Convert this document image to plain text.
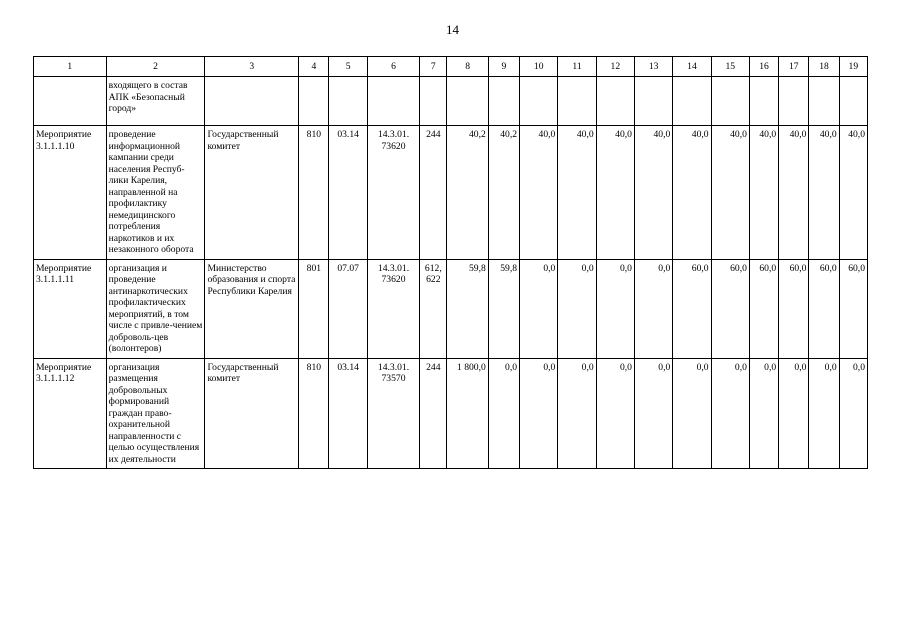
14
1	2	3	4	5	6	7	8	9	10	11	12	13	14	15	16	17	18	19
	входящего в состав АПК «Безопасный город»																	
Мероприятие 3.1.1.1.10	проведение информационной кампании среди населения Респуб-лики Карелия, направленной на профилактику немедицинского потребления наркотиков и их незаконного оборота	Государственный комитет	810	03.14	14.3.01. 73620	244	40,2	40,2	40,0	40,0	40,0	40,0	40,0	40,0	40,0	40,0	40,0	40,0
Мероприятие 3.1.1.1.11	организация и проведение антинаркотических профилактических мероприятий, в том числе с привле-чением доброволь-цев (волонтеров)	Министерство образования и спорта Республики Карелия	801	07.07	14.3.01. 73620	612, 622	59,8	59,8	0,0	0,0	0,0	0,0	60,0	60,0	60,0	60,0	60,0	60,0
Мероприятие 3.1.1.1.12	организация размещения добровольных формирований граждан право-охранительной направленности с целью осуществления их деятельности	Государственный комитет	810	03.14	14.3.01. 73570	244	1 800,0	0,0	0,0	0,0	0,0	0,0	0,0	0,0	0,0	0,0	0,0	0,0
